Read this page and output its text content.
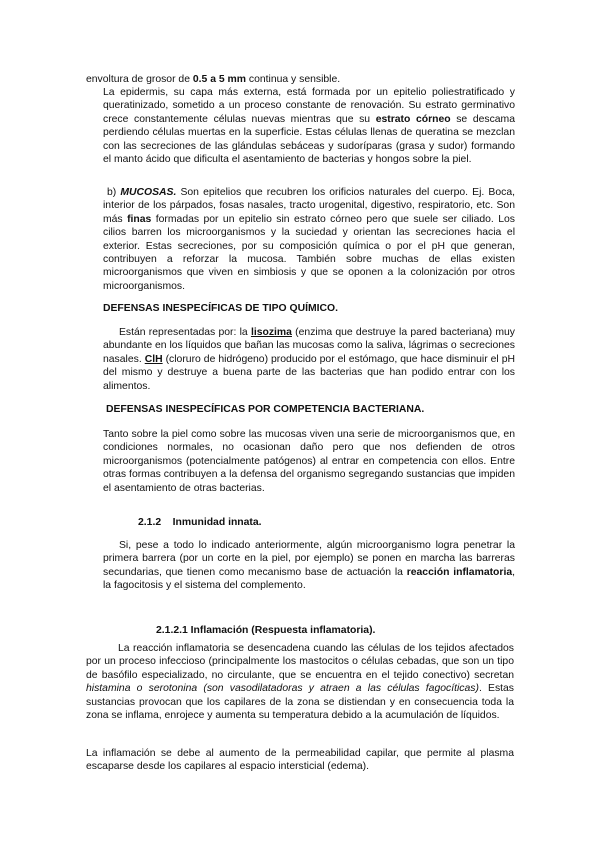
envoltura de grosor de 0.5 a 5 mm continua y sensible.

La epidermis, su capa más externa, está formada por un epitelio poliestratificado y queratinizado, sometido a un proceso constante de renovación. Su estrato germinativo crece constantemente células nuevas mientras que su estrato córneo se descama perdiendo células muertas en la superficie. Estas células llenas de queratina se mezclan con las secreciones de las glándulas sebáceas y sudoríparas (grasa y sudor) formando el manto ácido que dificulta el asentamiento de bacterias y hongos sobre la piel.

b) MUCOSAS. Son epitelios que recubren los orificios naturales del cuerpo. Ej. Boca, interior de los párpados, fosas nasales, tracto urogenital, digestivo, respiratorio, etc. Son más finas formadas por un epitelio sin estrato córneo pero que suele ser ciliado. Los cilios barren los microorganismos y la suciedad y orientan las secreciones hacia el exterior. Estas secreciones, por su composición química o por el pH que generan, contribuyen a reforzar la mucosa. También sobre muchas de ellas existen microorganismos que viven en simbiosis y que se oponen a la colonización por otros microorganismos.

DEFENSAS INESPECÍFICAS DE TIPO QUÍMICO.

Están representadas por: la lisozima (enzima que destruye la pared bacteriana) muy abundante en los líquidos que bañan las mucosas como la saliva, lágrimas o secreciones nasales. ClH (cloruro de hidrógeno) producido por el estómago, que hace disminuir el pH del mismo y destruye a buena parte de las bacterias que han podido entrar con los alimentos.

DEFENSAS INESPECÍFICAS POR COMPETENCIA BACTERIANA.

Tanto sobre la piel como sobre las mucosas viven una serie de microorganismos que, en condiciones normales, no ocasionan daño pero que nos defienden de otros microorganismos (potencialmente patógenos) al entrar en competencia con ellos. Entre otras formas contribuyen a la defensa del organismo segregando sustancias que impiden el asentamiento de otras bacterias.

2.1.2    Inmunidad innata.

Si, pese a todo lo indicado anteriormente, algún microorganismo logra penetrar la primera barrera (por un corte en la piel, por ejemplo) se ponen en marcha las barreras secundarias, que tienen como mecanismo base de actuación la reacción inflamatoria, la fagocitosis y el sistema del complemento.

2.1.2.1 Inflamación (Respuesta inflamatoria).

La reacción inflamatoria se desencadena cuando las células de los tejidos afectados por un proceso infeccioso (principalmente los mastocitos o células cebadas, que son un tipo de basófilo especializado, no circulante, que se encuentra en el tejido conectivo) secretan histamina o serotonina (son vasodilatadoras y atraen a las células fagocíticas). Estas sustancias provocan que los capilares de la zona se distiendan y en consecuencia toda la zona se inflama, enrojece y aumenta su temperatura debido a la acumulación de líquidos.

La inflamación se debe al aumento de la permeabilidad capilar, que permite al plasma escaparse desde los capilares al espacio intersticial (edema).
